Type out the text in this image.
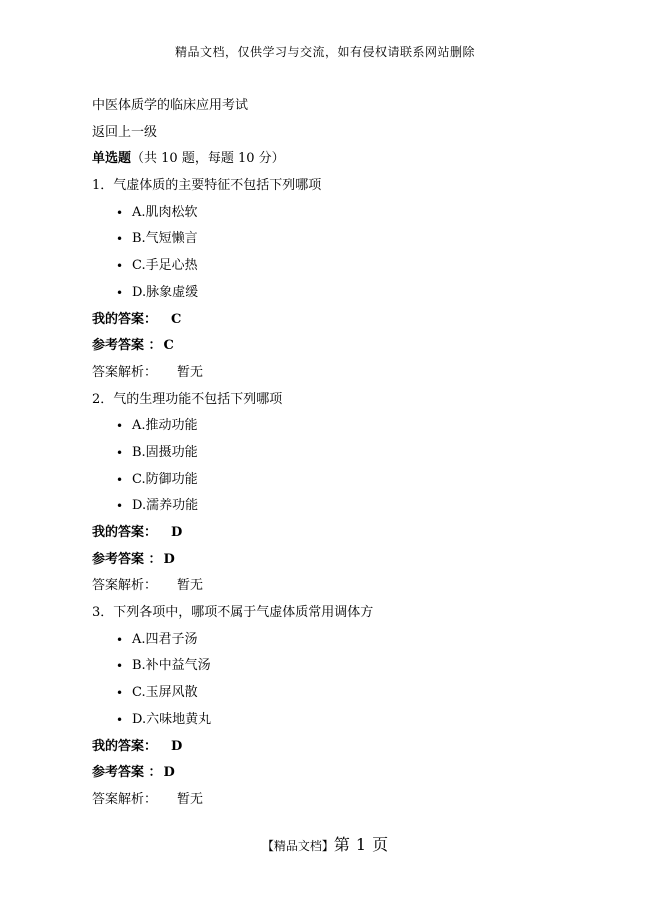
精品文档，仅供学习与交流，如有侵权请联系网站删除
中医体质学的临床应用考试
返回上一级
单选题（共 10 题，每题 10 分）
1．气虚体质的主要特征不包括下列哪项
• A.肌肉松软
• B.气短懒言
• C.手足心热
• D.脉象虚缓
我的答案： C
参考答案 ： C
答案解析： 暂无
2．气的生理功能不包括下列哪项
• A.推动功能
• B.固摄功能
• C.防御功能
• D.濡养功能
我的答案： D
参考答案 ： D
答案解析： 暂无
3．下列各项中，哪项不属于气虚体质常用调体方
• A.四君子汤
• B.补中益气汤
• C.玉屏风散
• D.六味地黄丸
我的答案： D
参考答案 ： D
答案解析： 暂无
【精品文档】第 1 页
